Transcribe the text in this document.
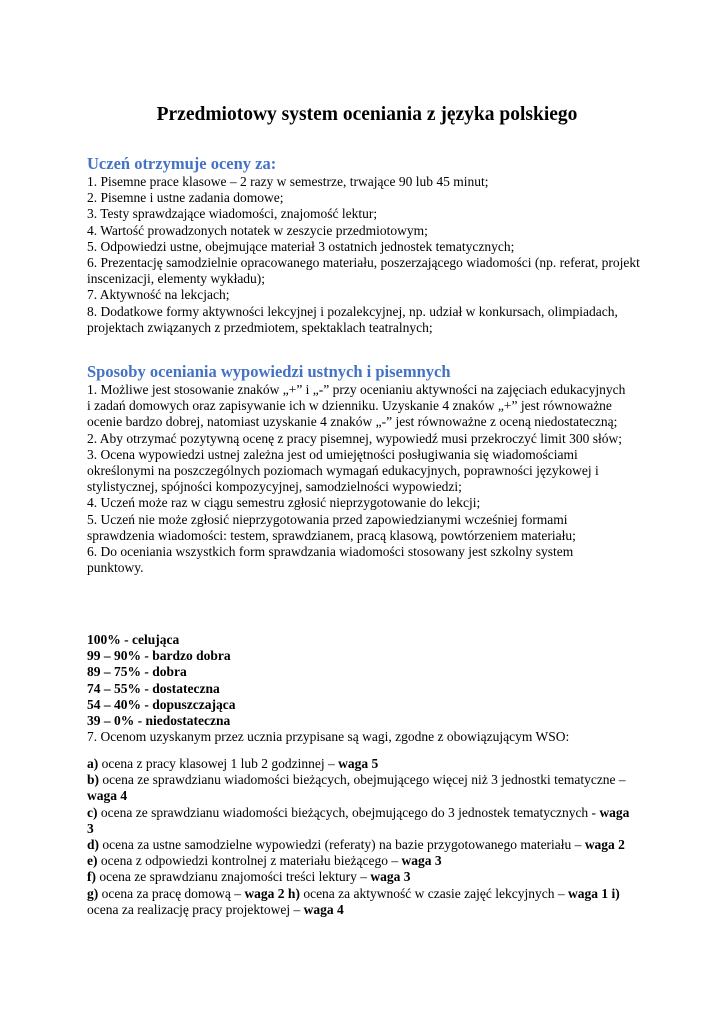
Przedmiotowy system oceniania z języka polskiego
Uczeń otrzymuje oceny za:

1. Pisemne prace klasowe – 2 razy w semestrze, trwające 90 lub 45 minut;

2. Pisemne i ustne zadania domowe;

3. Testy sprawdzające wiadomości, znajomość lektur;

4. Wartość prowadzonych notatek w zeszycie przedmiotowym;

5. Odpowiedzi ustne, obejmujące materiał 3 ostatnich jednostek tematycznych;

6. Prezentację samodzielnie opracowanego materiału, poszerzającego wiadomości (np. referat, projekt inscenizacji, elementy wykładu);

7. Aktywność na lekcjach;

8. Dodatkowe formy aktywności lekcyjnej i pozalekcyjnej, np. udział w konkursach, olimpiadach, projektach związanych z przedmiotem, spektaklach teatralnych;

Sposoby oceniania wypowiedzi ustnych i pisemnych

1. Możliwe jest stosowanie znaków „+” i „-” przy ocenianiu aktywności na zajęciach edukacyjnych i zadań domowych oraz zapisywanie ich w dzienniku. Uzyskanie 4 znaków „+” jest równoważne ocenie bardzo dobrej, natomiast uzyskanie 4 znaków „-” jest równoważne z oceną niedostateczną;

2. Aby otrzymać pozytywną ocenę z pracy pisemnej, wypowiedź musi przekroczyć limit 300 słów;

3. Ocena wypowiedzi ustnej zależna jest od umiejętności posługiwania się wiadomościami określonymi na poszczególnych poziomach wymagań edukacyjnych, poprawności językowej i stylistycznej, spójności kompozycyjnej, samodzielności wypowiedzi;

4. Uczeń może raz w ciągu semestru zgłosić nieprzygotowanie do lekcji;

5. Uczeń nie może zgłosić nieprzygotowania przed zapowiedzianymi wcześniej formami sprawdzenia wiadomości: testem, sprawdzianem, pracą klasową, powtórzeniem materiału;

6. Do oceniania wszystkich form sprawdzania wiadomości stosowany jest szkolny system punktowy.

100% - celująca

99 – 90% - bardzo dobra

89 – 75% - dobra

74 – 55% - dostateczna

54 – 40% - dopuszczająca

39 – 0% - niedostateczna

7. Ocenom uzyskanym przez ucznia przypisane są wagi, zgodne z obowiązującym WSO:

a) ocena z pracy klasowej 1 lub 2 godzinnej – waga 5

b) ocena ze sprawdzianu wiadomości bieżących, obejmującego więcej niż 3 jednostki tematyczne – waga 4

c) ocena ze sprawdzianu wiadomości bieżących, obejmującego do 3 jednostek tematycznych - waga 3

d) ocena za ustne samodzielne wypowiedzi (referaty) na bazie przygotowanego materiału – waga 2

e) ocena z odpowiedzi kontrolnej z materiału bieżącego – waga 3

f) ocena ze sprawdzianu znajomości treści lektury – waga 3

g) ocena za pracę domową – waga 2 h) ocena za aktywność w czasie zajęć lekcyjnych – waga 1 i) ocena za realizację pracy projektowej – waga 4
